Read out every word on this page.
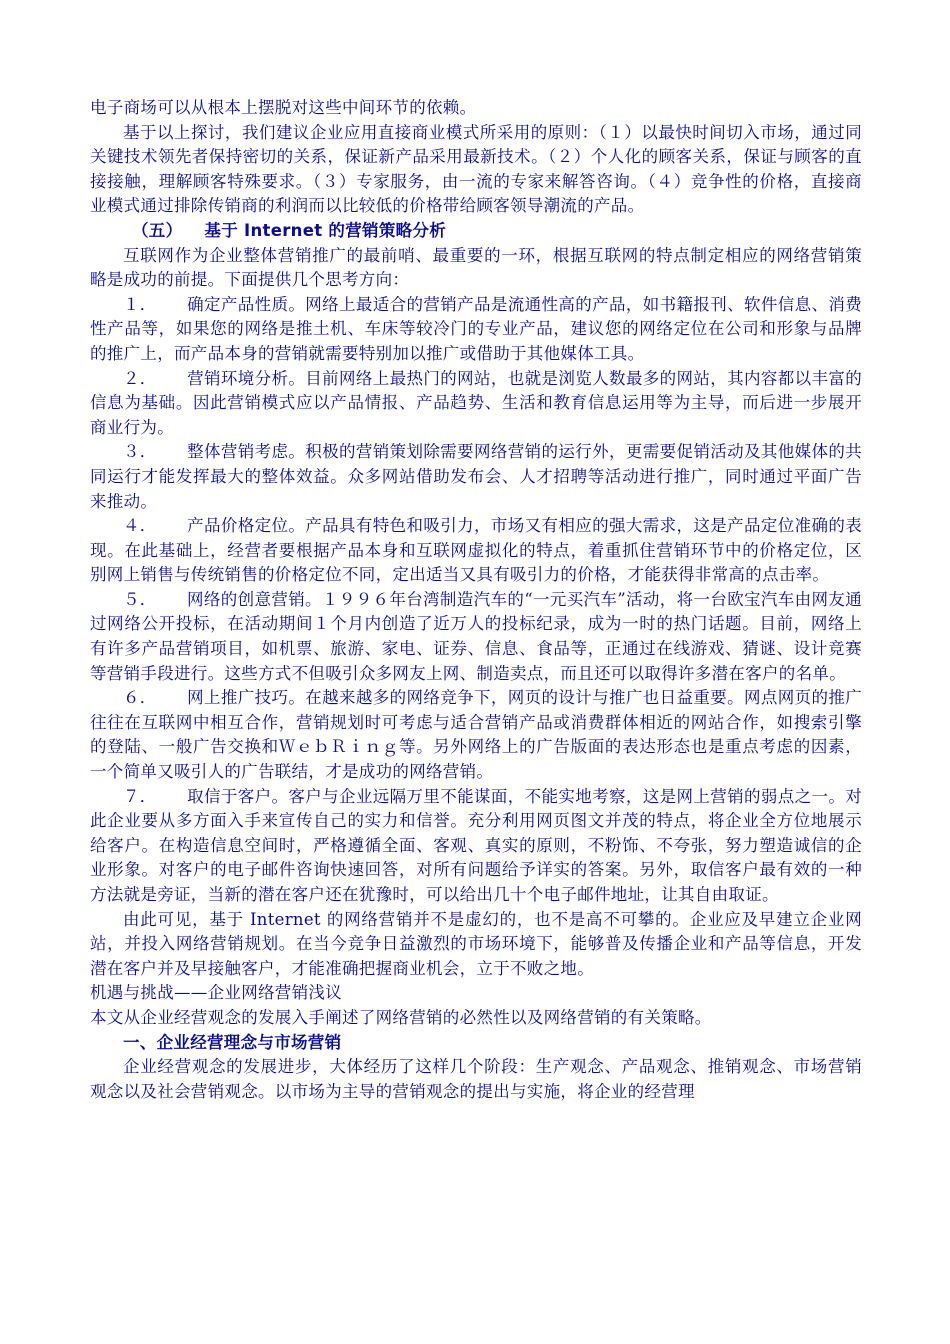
电子商场可以从根本上摆脱对这些中间环节的依赖。

基于以上探讨，我们建议企业应用直接商业模式所采用的原则：（１）以最快时间切入市场，通过同关键技术领先者保持密切的关系，保证新产品采用最新技术。（２）个人化的顾客关系，保证与顾客的直接接触，理解顾客特殊要求。（３）专家服务，由一流的专家来解答咨询。（４）竞争性的价格，直接商业模式通过排除传销商的利润而以比较低的价格带给顾客领导潮流的产品。

（五） 基于 Internet 的营销策略分析

互联网作为企业整体营销推广的最前哨、最重要的一环，根据互联网的特点制定相应的网络营销策略是成功的前提。下面提供几个思考方向：

１． 确定产品性质。网络上最适合的营销产品是流通性高的产品，如书籍报刊、软件信息、消费性产品等，如果您的网络是推土机、车床等较冷门的专业产品，建议您的网络定位在公司和形象与品牌的推广上，而产品本身的营销就需要特别加以推广或借助于其他媒体工具。

２． 营销环境分析。目前网络上最热门的网站，也就是浏览人数最多的网站，其内容都以丰富的信息为基础。因此营销模式应以产品情报、产品趋势、生活和教育信息运用等为主导，而后进一步展开商业行为。

３． 整体营销考虑。积极的营销策划除需要网络营销的运行外，更需要促销活动及其他媒体的共同运行才能发挥最大的整体效益。众多网站借助发布会、人才招聘等活动进行推广，同时通过平面广告来推动。

４． 产品价格定位。产品具有特色和吸引力，市场又有相应的强大需求，这是产品定位准确的表现。在此基础上，经营者要根据产品本身和互联网虚拟化的特点，着重抓住营销环节中的价格定位，区别网上销售与传统销售的价格定位不同，定出适当又具有吸引力的价格，才能获得非常高的点击率。

５． 网络的创意营销。１９９６年台湾制造汽车的“一元买汽车”活动，将一台欧宝汽车由网友通过网络公开投标，在活动期间１个月内创造了近万人的投标纪录，成为一时的热门话题。目前，网络上有许多产品营销项目，如机票、旅游、家电、证券、信息、食品等，正通过在线游戏、猜谜、设计竞赛等营销手段进行。这些方式不但吸引众多网友上网、制造卖点，而且还可以取得许多潜在客户的名单。

６． 网上推广技巧。在越来越多的网络竞争下，网页的设计与推广也日益重要。网点网页的推广往往在互联网中相互合作，营销规划时可考虑与适合营销产品或消费群体相近的网站合作，如搜索引擎的登陆、一般广告交换和ＷｅｂＲｉｎｇ等。另外网络上的广告版面的表达形态也是重点考虑的因素，一个简单又吸引人的广告联结，才是成功的网络营销。

７． 取信于客户。客户与企业远隔万里不能谋面，不能实地考察，这是网上营销的弱点之一。对此企业要从多方面入手来宣传自己的实力和信誉。充分利用网页图文并茂的特点，将企业全方位地展示给客户。在构造信息空间时，严格遵循全面、客观、真实的原则，不粉饰、不夸张，努力塑造诚信的企业形象。对客户的电子邮件咨询快速回答，对所有问题给予详实的答案。另外，取信客户最有效的一种方法就是旁证，当新的潜在客户还在犹豫时，可以给出几十个电子邮件地址，让其自由取证。

由此可见，基于 Internet 的网络营销并不是虚幻的，也不是高不可攀的。企业应及早建立企业网站，并投入网络营销规划。在当今竞争日益激烈的市场环境下，能够普及传播企业和产品等信息，开发潜在客户并及早接触客户，才能准确把握商业机会，立于不败之地。

机遇与挑战——企业网络营销浅议

本文从企业经营观念的发展入手阐述了网络营销的必然性以及网络营销的有关策略。

一、企业经营理念与市场营销

企业经营观念的发展进步，大体经历了这样几个阶段：生产观念、产品观念、推销观念、市场营销观念以及社会营销观念。以市场为主导的营销观念的提出与实施，将企业的经营理
